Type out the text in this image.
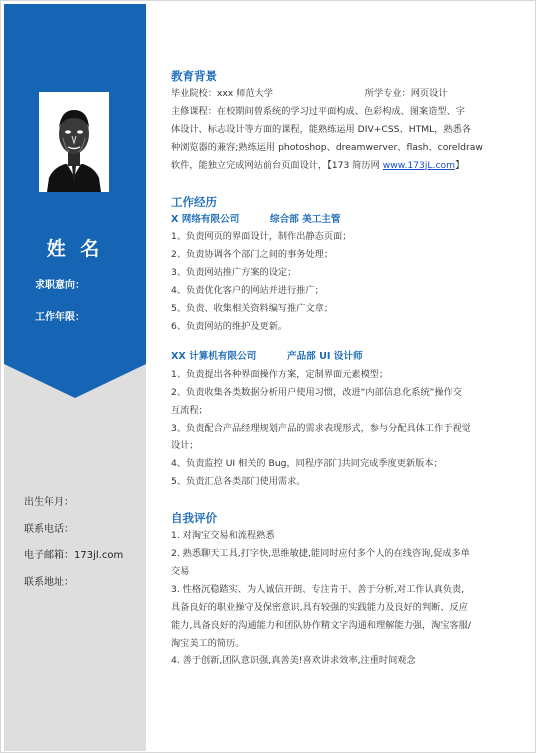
姓 名
求职意向：
工作年限：
出生年月：
联系电话：
电子邮箱：173jl.com
联系地址：
教育背景
毕业院校：xxx 师范大学	所学专业：网页设计
主修课程：在校期间曾系统的学习过平面构成、色彩构成、图案造型、字
体设计、标志设计等方面的课程，能熟练运用 DIV+CSS、HTML，熟悉各
种浏览器的兼容;熟练运用 photoshop、dreamwerver、flash、coreldraw
软件，能独立完成网站前台页面设计，【173 简历网 www.173jL.com】
工作经历
X 网络有限公司	综合部 美工主管
1、负责网页的界面设计，制作出静态页面；
2、负责协调各个部门之间的事务处理；
3、负责网站推广方案的设定；
4、负责优化客户的网站并进行推广；
5、负责、收集相关资料编写推广文章；
6、负责网站的维护及更新。
XX 计算机有限公司	产品部 UI 设计师
1、负责提出各种界面操作方案，定制界面元素模型；
2、负责收集各类数据分析用户使用习惯，改进“内部信息化系统”操作交
互流程；
3、负责配合产品经理规划产品的需求表现形式，参与分配具体工作于视觉
设计；
4、负责监控 UI 相关的 Bug，同程序部门共同完成季度更新版本；
5、负责汇总各类部门使用需求。
自我评价
1. 对淘宝交易和流程熟悉
2. 熟悉聊天工具,打字快,思维敏捷,能同时应付多个人的在线咨询,促成多单
交易
3. 性格沉稳踏实、为人诚信开朗、专注肯干、善于分析,对工作认真负责,
具备良好的职业操守及保密意识,具有较强的实践能力及良好的判断、反应
能力,具备良好的沟通能力和团队协作精文字沟通和理解能力强，淘宝客服/
淘宝美工的简历。
4. 善于创新,团队意识强,真善美!喜欢讲求效率,注重时间观念
